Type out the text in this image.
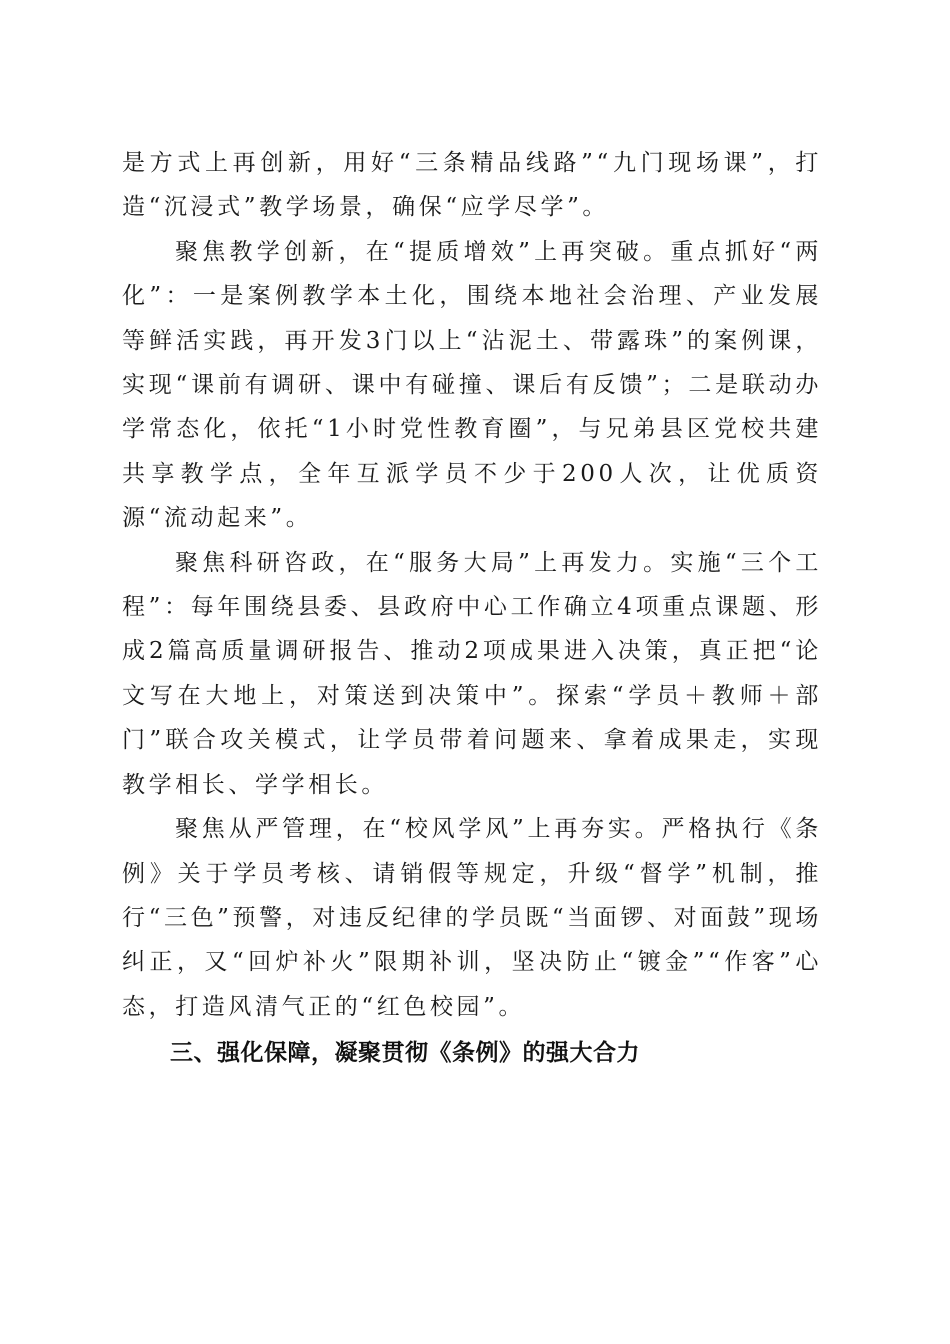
是方式上再创新，用好“三条精品线路”“九门现场课”，打造“沉浸式”教学场景，确保“应学尽学”。

聚焦教学创新，在“提质增效”上再突破。重点抓好“两化”：一是案例教学本土化，围绕本地社会治理、产业发展等鲜活实践，再开发3门以上“沾泥土、带露珠”的案例课，实现“课前有调研、课中有碰撞、课后有反馈”；二是联动办学常态化，依托“1小时党性教育圈”，与兄弟县区党校共建共享教学点，全年互派学员不少于200人次，让优质资源“流动起来”。

聚焦科研咨政，在“服务大局”上再发力。实施“三个工程”：每年围绕县委、县政府中心工作确立4项重点课题、形成2篇高质量调研报告、推动2项成果进入决策，真正把“论文写在大地上，对策送到决策中”。探索“学员＋教师＋部门”联合攻关模式，让学员带着问题来、拿着成果走，实现教学相长、学学相长。

聚焦从严管理，在“校风学风”上再夯实。严格执行《条例》关于学员考核、请销假等规定，升级“督学”机制，推行“三色”预警，对违反纪律的学员既“当面锣、对面鼓”现场纠正，又“回炉补火”限期补训，坚决防止“镀金”“作客”心态，打造风清气正的“红色校园”。

三、强化保障，凝聚贯彻《条例》的强大合力
